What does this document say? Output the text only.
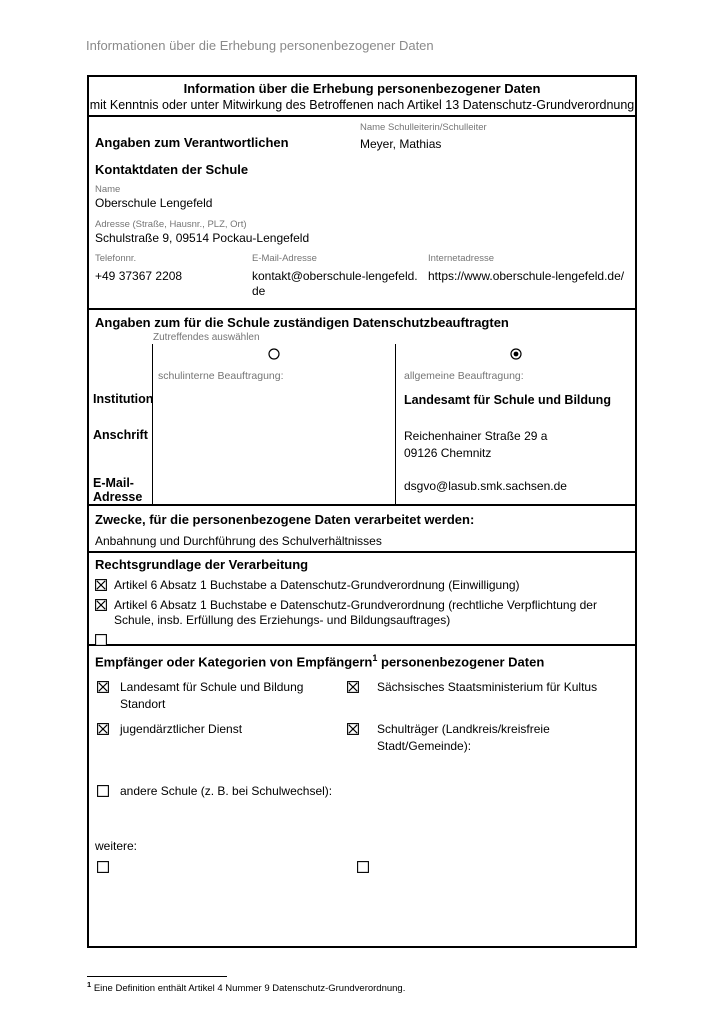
Informationen über die Erhebung personenbezogener Daten
Information über die Erhebung personenbezogener Daten
mit Kenntnis oder unter Mitwirkung des Betroffenen nach Artikel 13 Datenschutz-Grundverordnung
Angaben zum Verantwortlichen
Name Schulleiterin/Schulleiter
Meyer, Mathias
Kontaktdaten der Schule
Name
Oberschule Lengefeld
Adresse (Straße, Hausnr., PLZ, Ort)
Schulstraße 9, 09514 Pockau-Lengefeld
Telefonnr.
+49 37367 2208
E-Mail-Adresse
kontakt@oberschule-lengefeld.de
Internetadresse
https://www.oberschule-lengefeld.de/
Angaben zum für die Schule zuständigen Datenschutzbeauftragten
Zutreffendes auswählen
Institution
Anschrift
E-Mail-Adresse
schulinterne Beauftragung:	allgemeine Beauftragung:
Landesamt für Schule und Bildung
Reichenhainer Straße 29 a
09126 Chemnitz
dsgvo@lasub.smk.sachsen.de
Zwecke, für die personenbezogene Daten verarbeitet werden:
Anbahnung und Durchführung des Schulverhältnisses
Rechtsgrundlage der Verarbeitung
Artikel 6 Absatz 1 Buchstabe a Datenschutz-Grundverordnung (Einwilligung)
Artikel 6 Absatz 1 Buchstabe e Datenschutz-Grundverordnung (rechtliche Verpflichtung der Schule, insb. Erfüllung des Erziehungs- und Bildungsauftrages)
Empfänger oder Kategorien von Empfängern$^1$ personenbezogener Daten
Landesamt für Schule und Bildung Standort
Sächsisches Staatsministerium für Kultus
jugendärztlicher Dienst	Schulträger (Landkreis/kreisfreie Stadt/Gemeinde):
andere Schule (z. B. bei Schulwechsel):
weitere:
$^1$ Eine Definition enthält Artikel 4 Nummer 9 Datenschutz-Grundverordnung.
